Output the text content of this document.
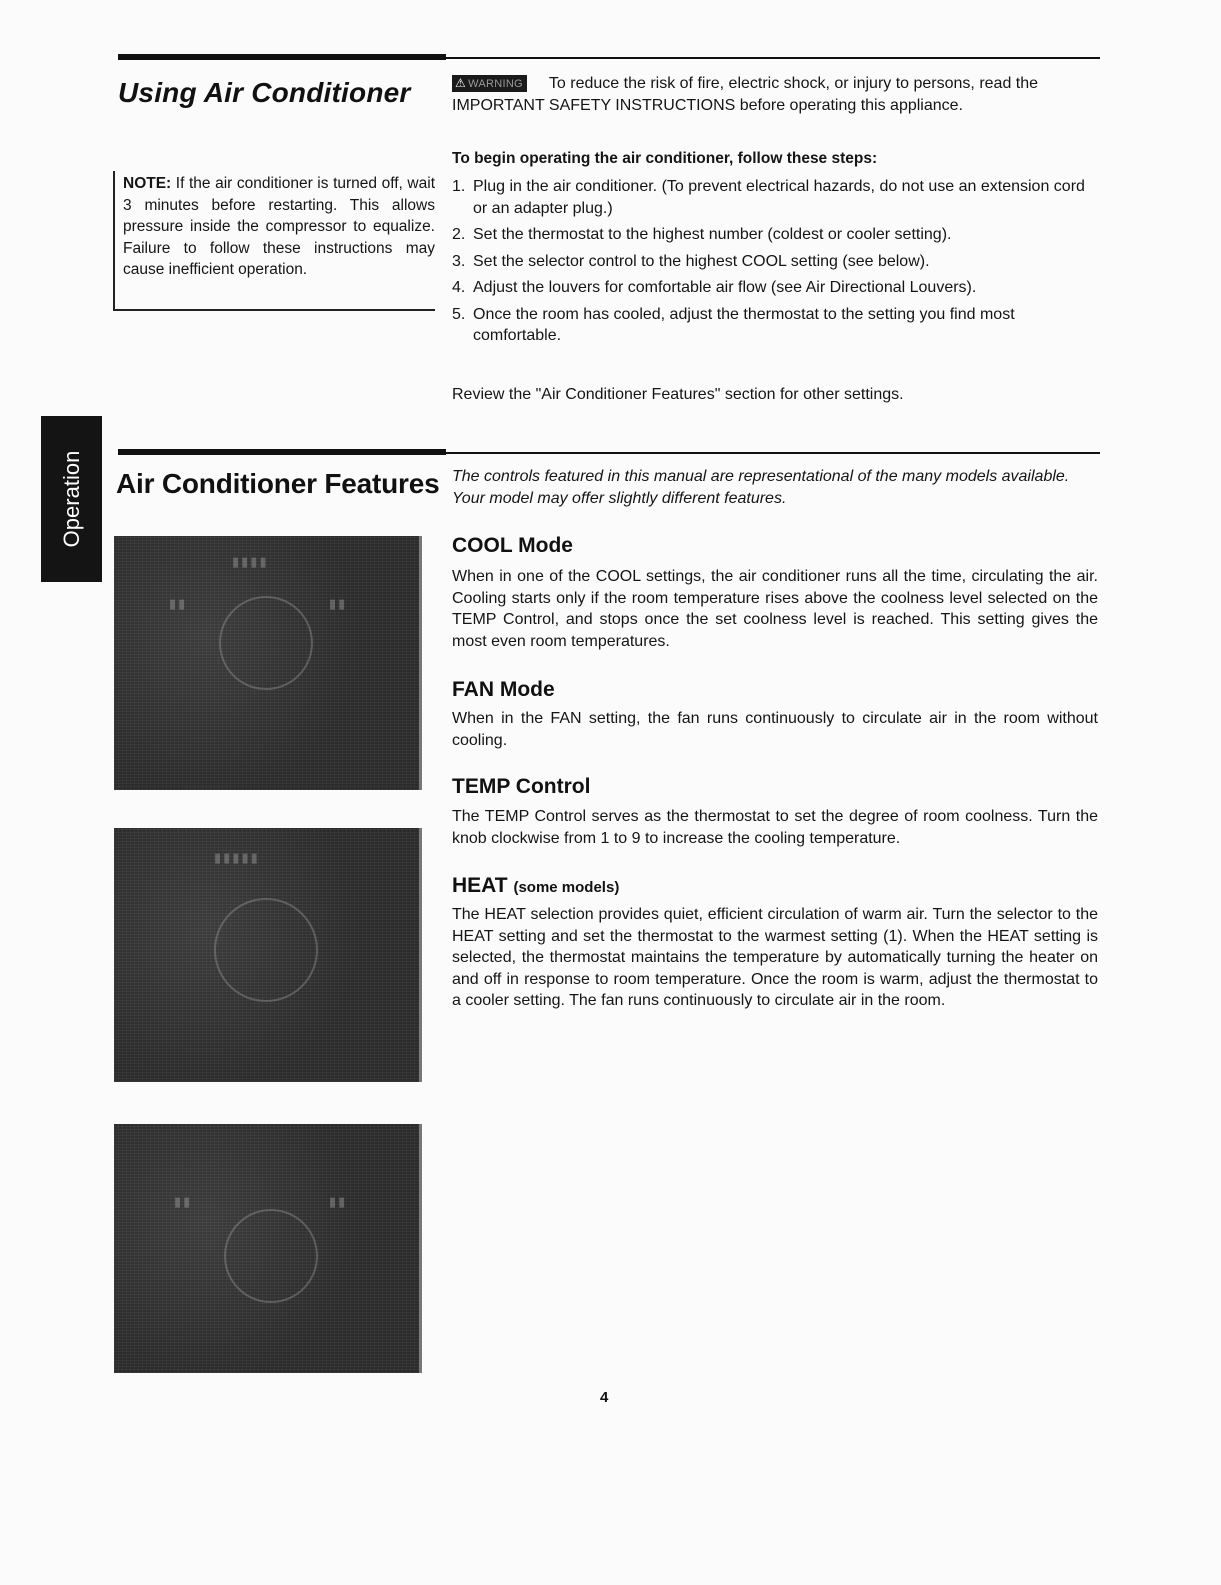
Using Air Conditioner	⚠ WARNING To reduce the risk of fire, electric shock, or injury to persons, read the IMPORTANT SAFETY INSTRUCTIONS before operating this appliance.
NOTE: If the air conditioner is turned off, wait 3 minutes before restarting. This allows pressure inside the compressor to equalize. Failure to follow these instructions may cause inefficient operation.
To begin operating the air conditioner, follow these steps:
1. Plug in the air conditioner. (To prevent electrical hazards, do not use an extension cord or an adapter plug.)
2. Set the thermostat to the highest number (coldest or cooler setting).
3. Set the selector control to the highest COOL setting (see below).
4. Adjust the louvers for comfortable air flow (see Air Directional Louvers).
5. Once the room has cooled, adjust the thermostat to the setting you find most comfortable.
Review the "Air Conditioner Features" section for other settings.
Operation Air Conditioner Features The controls featured in this manual are representational of the many models available. Your model may offer slightly different features.
▮▮▮▮
▮▮	▮▮
▮▮▮▮▮
▮▮	▮▮
COOL Mode
When in one of the COOL settings, the air conditioner runs all the time, circulating the air. Cooling starts only if the room temperature rises above the coolness level selected on the TEMP Control, and stops once the set coolness level is reached. This setting gives the most even room temperatures.
FAN Mode
When in the FAN setting, the fan runs continuously to circulate air in the room without cooling.
TEMP Control
The TEMP Control serves as the thermostat to set the degree of room coolness. Turn the knob clockwise from 1 to 9 to increase the cooling temperature.
HEAT (some models)
The HEAT selection provides quiet, efficient circulation of warm air. Turn the selector to the HEAT setting and set the thermostat to the warmest setting (1). When the HEAT setting is selected, the thermostat maintains the temperature by automatically turning the heater on and off in response to room temperature. Once the room is warm, adjust the thermostat to a cooler setting. The fan runs continuously to circulate air in the room.
4
